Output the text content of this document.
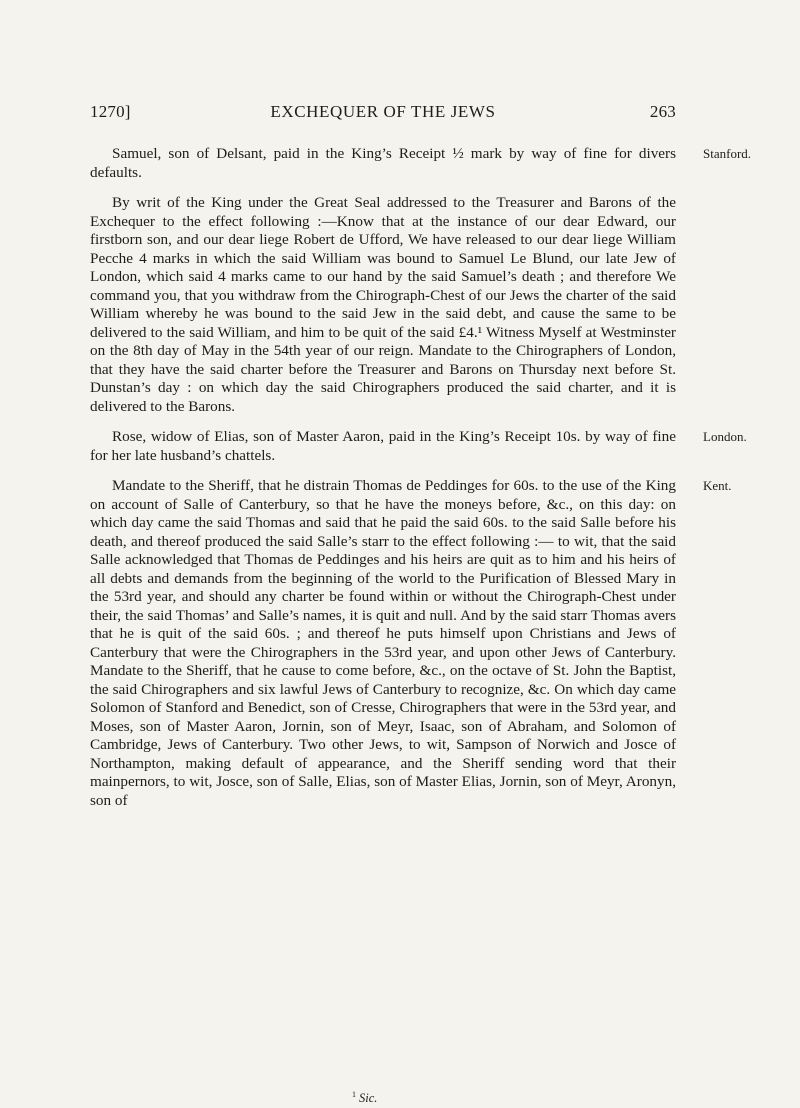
1270]	EXCHEQUER OF THE JEWS	263

Stanford.
Samuel, son of Delsant, paid in the King’s Receipt ½ mark by way of fine for divers defaults.

By writ of the King under the Great Seal addressed to the Treasurer and Barons of the Exchequer to the effect following :—Know that at the instance of our dear Edward, our firstborn son, and our dear liege Robert de Ufford, We have released to our dear liege William Pecche 4 marks in which the said William was bound to Samuel Le Blund, our late Jew of London, which said 4 marks came to our hand by the said Samuel’s death ; and therefore We command you, that you withdraw from the Chirograph-Chest of our Jews the charter of the said William whereby he was bound to the said Jew in the said debt, and cause the same to be delivered to the said William, and him to be quit of the said £4.¹ Witness Myself at Westminster on the 8th day of May in the 54th year of our reign. Mandate to the Chirographers of London, that they have the said charter before the Treasurer and Barons on Thursday next before St. Dunstan’s day : on which day the said Chirographers produced the said charter, and it is delivered to the Barons.

London.
Rose, widow of Elias, son of Master Aaron, paid in the King’s Receipt 10s. by way of fine for her late husband’s chattels.

Kent.
Mandate to the Sheriff, that he distrain Thomas de Peddinges for 60s. to the use of the King on account of Salle of Canterbury, so that he have the moneys before, &c., on this day: on which day came the said Thomas and said that he paid the said 60s. to the said Salle before his death, and thereof produced the said Salle’s starr to the effect following :— to wit, that the said Salle acknowledged that Thomas de Peddinges and his heirs are quit as to him and his heirs of all debts and demands from the beginning of the world to the Purification of Blessed Mary in the 53rd year, and should any charter be found within or without the Chirograph-Chest under their, the said Thomas’ and Salle’s names, it is quit and null. And by the said starr Thomas avers that he is quit of the said 60s. ; and thereof he puts himself upon Christians and Jews of Canterbury that were the Chirographers in the 53rd year, and upon other Jews of Canterbury. Mandate to the Sheriff, that he cause to come before, &c., on the octave of St. John the Baptist, the said Chirographers and six lawful Jews of Canterbury to recognize, &c. On which day came Solomon of Stanford and Benedict, son of Cresse, Chirographers that were in the 53rd year, and Moses, son of Master Aaron, Jornin, son of Meyr, Isaac, son of Abraham, and Solomon of Cambridge, Jews of Canterbury. Two other Jews, to wit, Sampson of Norwich and Josce of Northampton, making default of appearance, and the Sheriff sending word that their mainpernors, to wit, Josce, son of Salle, Elias, son of Master Elias, Jornin, son of Meyr, Aronyn, son of

$^1$ Sic.
